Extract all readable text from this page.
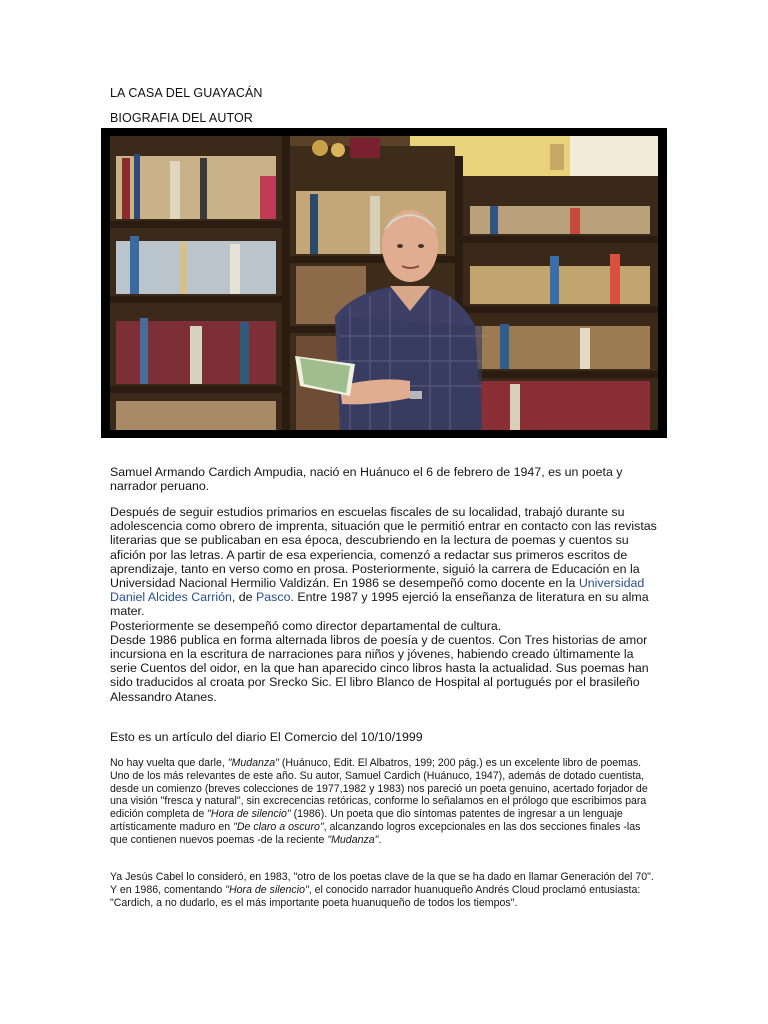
LA CASA DEL GUAYACÁN
BIOGRAFIA DEL AUTOR

Samuel Armando Cardich Ampudia, nació en Huánuco el 6 de febrero de 1947, es un poeta y narrador peruano.

Después de seguir estudios primarios en escuelas fiscales de su localidad, trabajó durante su adolescencia como obrero de imprenta, situación que le permitió entrar en contacto con las revistas literarias que se publicaban en esa época, descubriendo en la lectura de poemas y cuentos su afición por las letras. A partir de esa experiencia, comenzó a redactar sus primeros escritos de aprendizaje, tanto en verso como en prosa. Posteriormente, siguió la carrera de Educación en la Universidad Nacional Hermilio Valdizán. En 1986 se desempeñó como docente en la Universidad Daniel Alcides Carrión, de Pasco. Entre 1987 y 1995 ejerció la enseñanza de literatura en su alma mater.
Posteriormente se desempeñó como director departamental de cultura.
Desde 1986 publica en forma alternada libros de poesía y de cuentos. Con Tres historias de amor incursiona en la escritura de narraciones para niños y jóvenes, habiendo creado últimamente la serie Cuentos del oidor, en la que han aparecido cinco libros hasta la actualidad. Sus poemas han sido traducidos al croata por Srecko Sic. El libro Blanco de Hospital al portugués por el brasileño Alessandro Atanes.

Esto es un artículo del diario El Comercio del 10/10/1999

No hay vuelta que darle, "Mudanza" (Huánuco, Edit. El Albatros, 199; 200 pág.) es un excelente libro de poemas. Uno de los más relevantes de este año. Su autor, Samuel Cardich (Huánuco, 1947), además de dotado cuentista, desde un comienzo (breves colecciones de 1977,1982 y 1983) nos pareció un poeta genuino, acertado forjador de una visión "fresca y natural", sin excrecencias retóricas, conforme lo señalamos en el prólogo que escribimos para edición completa de "Hora de silencio" (1986). Un poeta que dio síntomas patentes de ingresar a un lenguaje artísticamente maduro en "De claro a oscuro", alcanzando logros excepcionales en las dos secciones finales -las que contienen nuevos poemas -de la reciente "Mudanza".

Ya Jesús Cabel lo consideró, en 1983, "otro de los poetas clave de la que se ha dado en llamar Generación del 70". Y en 1986, comentando "Hora de silencio", el conocido narrador huanuqueño Andrés Cloud proclamó entusiasta: "Cardich, a no dudarlo, es el más importante poeta huanuqueño de todos los tiempos".
